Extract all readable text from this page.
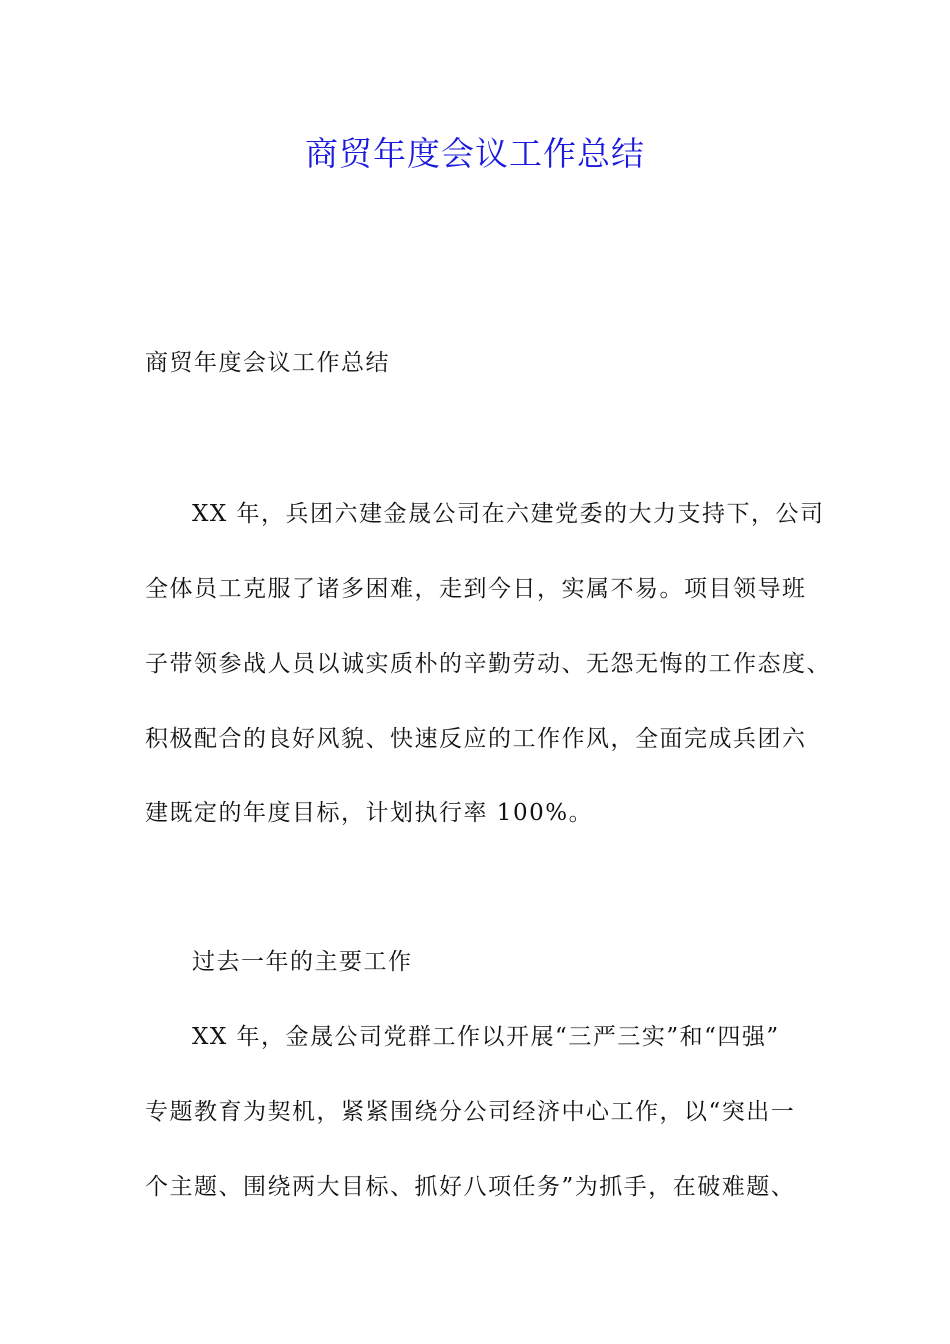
商贸年度会议工作总结

商贸年度会议工作总结

XX 年，兵团六建金晟公司在六建党委的大力支持下，公司

全体员工克服了诸多困难，走到今日，实属不易。项目领导班

子带领参战人员以诚实质朴的辛勤劳动、无怨无悔的工作态度、

积极配合的良好风貌、快速反应的工作作风，全面完成兵团六

建既定的年度目标，计划执行率 100%。

过去一年的主要工作

XX 年，金晟公司党群工作以开展“三严三实”和“四强”

专题教育为契机，紧紧围绕分公司经济中心工作，以“突出一

个主题、围绕两大目标、抓好八项任务”为抓手，在破难题、
